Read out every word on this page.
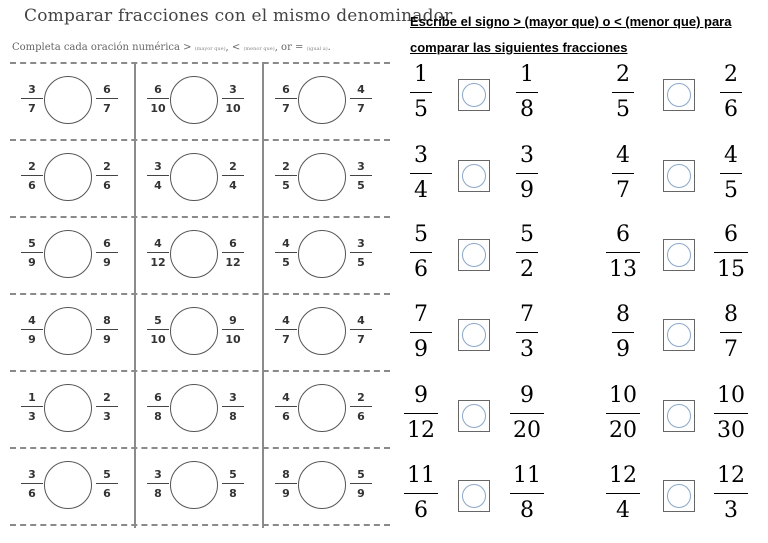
Comparar fracciones con el mismo denominador
Completa cada oración numérica > (mayor que), < (menor que), or = (igual a).
3
7
6
7
6
10
3
10
6
7
4
7
2
6
2
6
3
4
2
4
2
5
3
5
5
9
6
9
4
12
6
12
4
5
3
5
4
9
8
9
5
10
9
10
4
7
4
7
1
3
2
3
6
8
3
8
4
6
2
6
3
6
5
6
3
8
5
8
8
9
5
9
Escribe el signo > (mayor que) o < (menor que) para
comparar las siguientes fracciones
1
5
1
8
2
5
2
6
3
4
3
9
4
7
4
5
5
6
5
2
6
13
6
15
7
9
7
3
8
9
8
7
9
12
9
20
10
20
10
30
11
6
11
8
12
4
12
3
